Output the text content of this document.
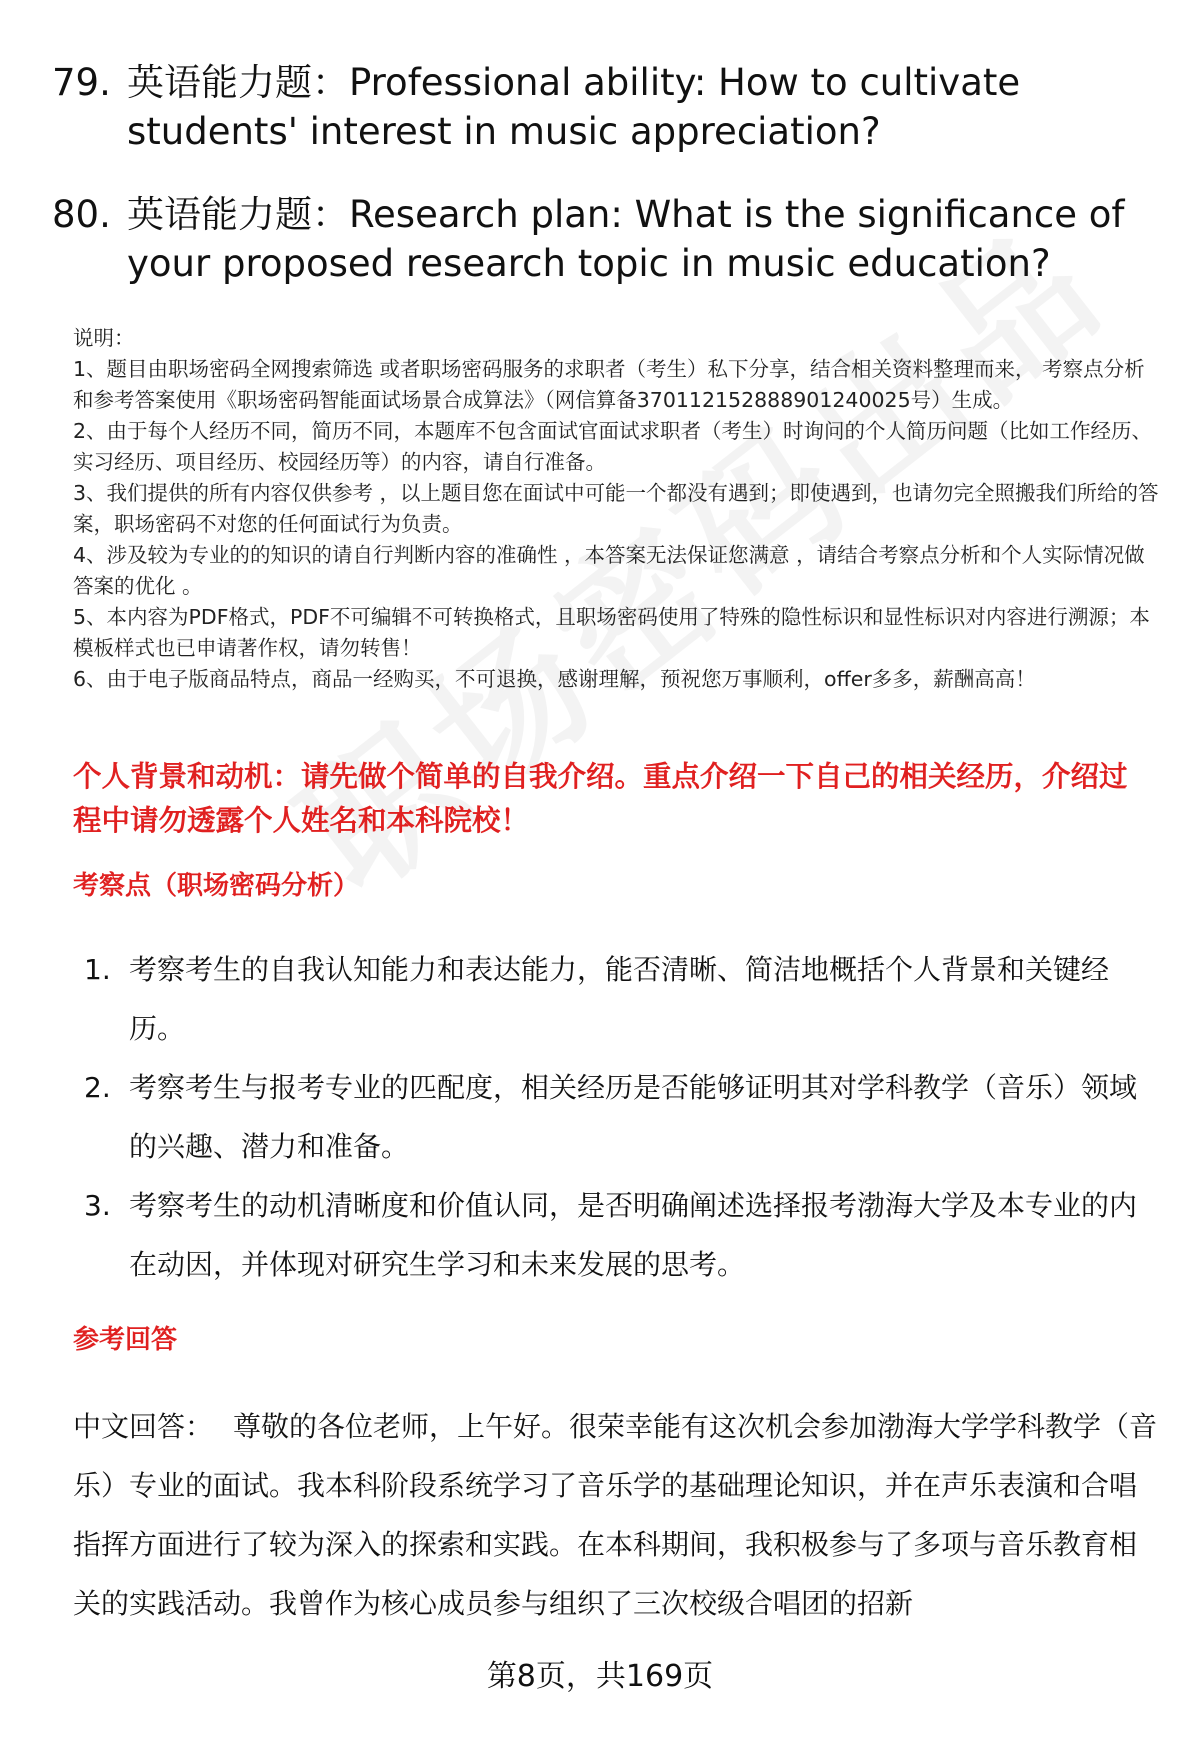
79. 英语能力题：Professional ability: How to cultivate students' interest in music appreciation?
80. 英语能力题：Research plan: What is the significance of your proposed research topic in music education?

说明：

1、题目由职场密码全网搜索筛选 或者职场密码服务的求职者（考生）私下分享，结合相关资料整理而来， 考察点分析和参考答案使用《职场密码智能面试场景合成算法》（网信算备370112152888901240025号）生成。

2、由于每个人经历不同，简历不同，本题库不包含面试官面试求职者（考生）时询问的个人简历问题（比如工作经历、实习经历、项目经历、校园经历等）的内容，请自行准备。

3、我们提供的所有内容仅供参考 ，以上题目您在面试中可能一个都没有遇到；即使遇到，也请勿完全照搬我们所给的答案，职场密码不对您的任何面试行为负责。

4、涉及较为专业的的知识的请自行判断内容的准确性 ，本答案无法保证您满意 ，请结合考察点分析和个人实际情况做答案的优化 。

5、本内容为PDF格式，PDF不可编辑不可转换格式，且职场密码使用了特殊的隐性标识和显性标识对内容进行溯源；本模板样式也已申请著作权，请勿转售！

6、由于电子版商品特点，商品一经购买，不可退换，感谢理解，预祝您万事顺利，offer多多，薪酬高高！

个人背景和动机：请先做个简单的自我介绍。重点介绍一下自己的相关经历，介绍过程中请勿透露个人姓名和本科院校！
考察点（职场密码分析）
1. 考察考生的自我认知能力和表达能力，能否清晰、简洁地概括个人背景和关键经历。
2. 考察考生与报考专业的匹配度，相关经历是否能够证明其对学科教学（音乐）领域的兴趣、潜力和准备。
3. 考察考生的动机清晰度和价值认同，是否明确阐述选择报考渤海大学及本专业的内在动因，并体现对研究生学习和未来发展的思考。
参考回答

中文回答： 尊敬的各位老师，上午好。很荣幸能有这次机会参加渤海大学学科教学（音乐）专业的面试。我本科阶段系统学习了音乐学的基础理论知识，并在声乐表演和合唱指挥方面进行了较为深入的探索和实践。在本科期间，我积极参与了多项与音乐教育相关的实践活动。我曾作为核心成员参与组织了三次校级合唱团的招新

第8页，共169页
